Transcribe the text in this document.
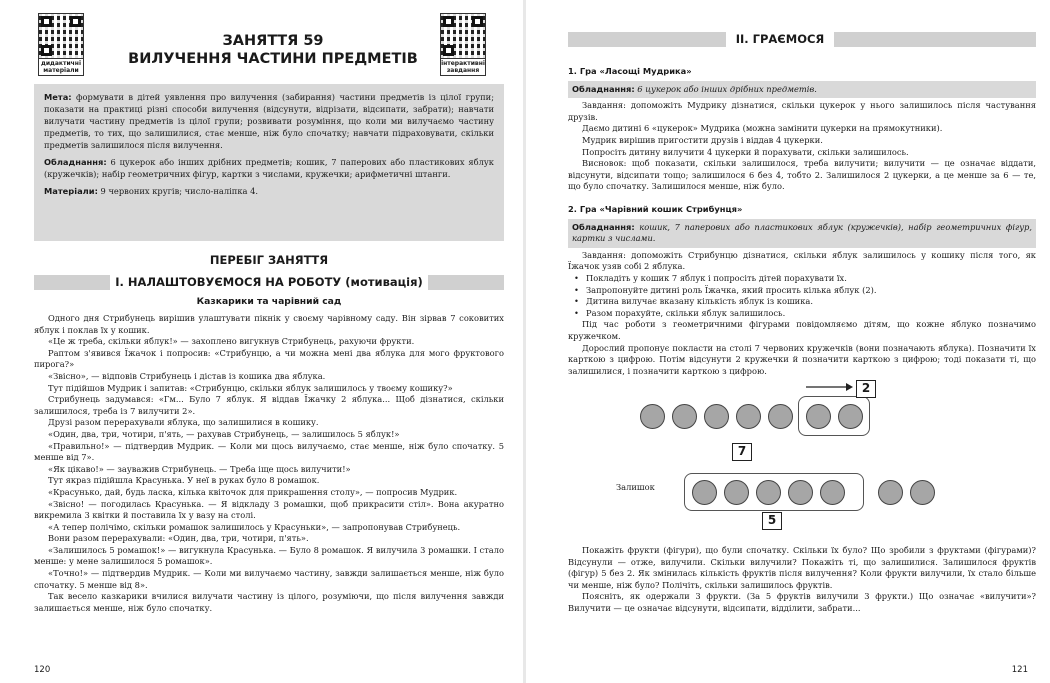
дидактичні матеріали
ЗАНЯТТЯ 59
ВИЛУЧЕННЯ ЧАСТИНИ ПРЕДМЕТІВ	інтерактивні завдання

Мета: формувати в дітей уявлення про вилучення (забирання) частини предметів із цілої групи; показати на практиці різні способи вилучення (відсунути, відрізати, відсипати, забрати); навчати вилучати частину предметів із цілої групи; розвивати розуміння, що коли ми вилучаємо частину предметів, то тих, що залишилися, стає менше, ніж було спочатку; навчати підраховувати, скільки предметів залишилося після вилучення.

Обладнання: 6 цукерок або інших дрібних предметів; кошик, 7 паперових або пластикових яблук (кружечків); набір геометричних фігур, картки з числами, кружечки; арифметичні штанги.

Матеріали: 9 червоних кругів; число-наліпка 4.

ПЕРЕБІГ ЗАНЯТТЯ
I. НАЛАШТОВУЄМОСЯ НА РОБОТУ (мотивація)
Казкарики та чарівний сад

Одного дня Стрибунець вирішив улаштувати пікнік у своєму чарівному саду. Він зірвав 7 соковитих яблук і поклав їх у кошик.

«Це ж треба, скільки яблук!» — захоплено вигукнув Стрибунець, рахуючи фрукти.

Раптом з'явився Їжачок і попросив: «Стрибунцю, а чи можна мені два яблука для мого фруктового пирога?»

«Звісно», — відповів Стрибунець і дістав із кошика два яблука.

Тут підійшов Мудрик і запитав: «Стрибунцю, скільки яблук залишилось у твоєму кошику?»

Стрибунець задумався: «Гм... Було 7 яблук. Я віддав Їжачку 2 яблука... Щоб дізнатися, скільки залишилося, треба із 7 вилучити 2».

Друзі разом перерахували яблука, що залишилися в кошику.

«Один, два, три, чотири, п'ять, — рахував Стрибунець, — залишилось 5 яблук!»

«Правильно!» — підтвердив Мудрик. — Коли ми щось вилучаємо, стає менше, ніж було спочатку. 5 менше від 7».

«Як цікаво!» — зауважив Стрибунець. — Треба іще щось вилучити!»

Тут якраз підійшла Красунька. У неї в руках було 8 ромашок.

«Красунько, дай, будь ласка, кілька квіточок для прикрашення столу», — попросив Мудрик.

«Звісно! — погодилась Красунька. — Я відкладу 3 ромашки, щоб прикрасити стіл». Вона акуратно викремила 3 квітки й поставила їх у вазу на столі.

«А тепер полічімо, скільки ромашок залишилось у Красуньки», — запропонував Стрибунець.

Вони разом перерахували: «Один, два, три, чотири, п'ять».

«Залишилось 5 ромашок!» — вигукнула Красунька. — Було 8 ромашок. Я вилучила 3 ромашки. І стало менше: у мене залишилося 5 ромашок».

«Точно!» — підтвердив Мудрик. — Коли ми вилучаємо частину, завжди залишається менше, ніж було спочатку. 5 менше від 8».

Так весело казкарики вчилися вилучати частину із цілого, розуміючи, що після вилучення завжди залишається менше, ніж було спочатку.

120
II. ГРАЄМОСЯ

1. Гра «Ласощі Мудрика»

Обладнання: 6 цукерок або інших дрібних предметів.

Завдання: допоможіть Мудрику дізнатися, скільки цукерок у нього залишилось після частування друзів.

Даємо дитині 6 «цукерок» Мудрика (можна замінити цукерки на прямокутники).

Мудрик вирішив пригостити друзів і віддав 4 цукерки.

Попросіть дитину вилучити 4 цукерки й порахувати, скільки залишилось.

Висновок: щоб показати, скільки залишилося, треба вилучити; вилучити — це означає віддати, відсунути, відсипати тощо; залишилося 6 без 4, тобто 2. Залишилося 2 цукерки, а це менше за 6 — те, що було спочатку. Залишилося менше, ніж було.

2. Гра «Чарівний кошик Стрибунця»

Обладнання: кошик, 7 паперових або пластикових яблук (кружечків), набір геометричних фігур, картки з числами.

Завдання: допоможіть Стрибунцю дізнатися, скільки яблук залишилось у кошику після того, як Їжачок узяв собі 2 яблука.

• Покладіть у кошик 7 яблук і попросіть дітей порахувати їх.
• Запропонуйте дитині роль Їжачка, який просить кілька яблук (2).
• Дитина вилучає вказану кількість яблук із кошика.
• Разом порахуйте, скільки яблук залишилось.

Під час роботи з геометричними фігурами повідомляємо дітям, що кожне яблуко позначимо кружечком.

Дорослий пропонує покласти на столі 7 червоних кружечків (вони позначають яблука). Позначити їх карткою з цифрою. Потім відсунути 2 кружечки й позначити карткою з цифрою; тоді показати ті, що залишилися, і позначити карткою з цифрою.

2
7
Залишок
5

Покажіть фрукти (фігури), що були спочатку. Скільки їх було? Що зробили з фруктами (фігурами)? Відсунули — отже, вилучили. Скільки вилучили? Покажіть ті, що залишилися. Залишилося фруктів (фігур) 5 без 2. Як змінилась кількість фруктів після вилучення? Коли фрукти вилучили, їх стало більше чи менше, ніж було? Полічіть, скільки залишилось фруктів.

Поясніть, як одержали 3 фрукти. (За 5 фруктів вилучили 3 фрукти.) Що означає «вилучити»? Вилучити — це означає відсунути, відсипати, відділити, забрати...

121
